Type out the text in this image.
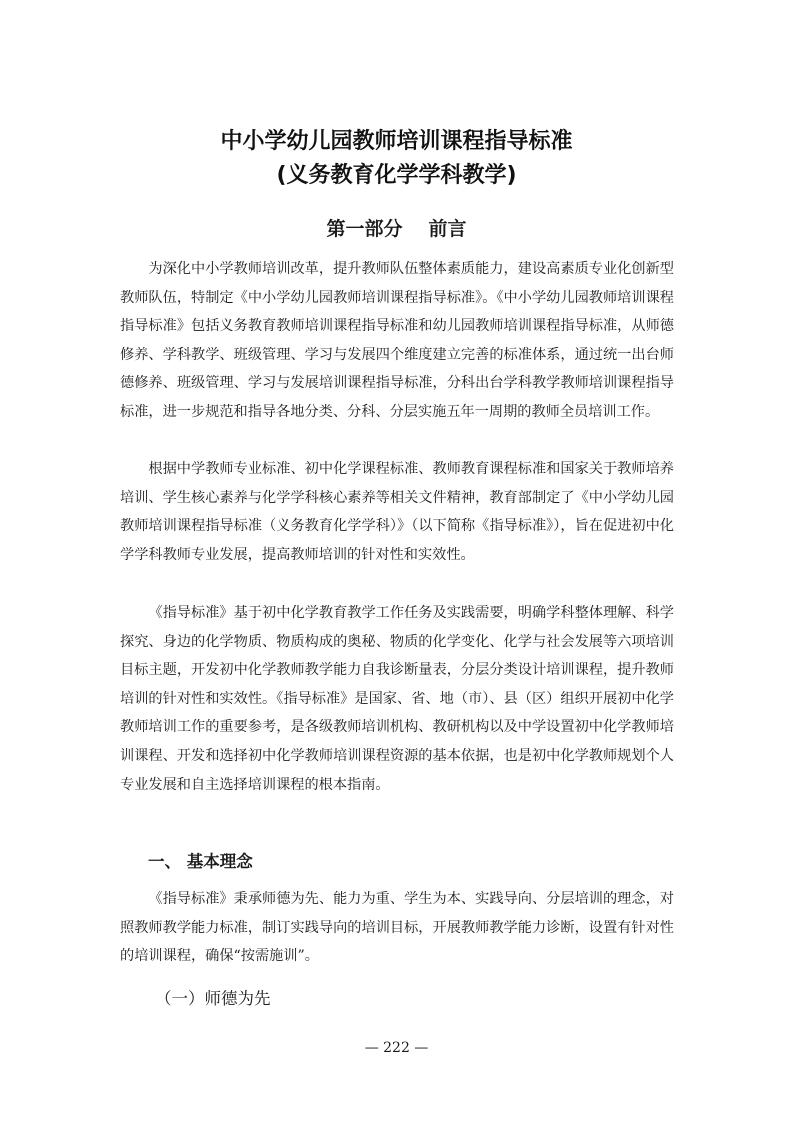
中小学幼儿园教师培训课程指导标准
(义务教育化学学科教学)
第一部分 前言

为深化中小学教师培训改革，提升教师队伍整体素质能力，建设高素质专业化创新型教师队伍，特制定《中小学幼儿园教师培训课程指导标准》。《中小学幼儿园教师培训课程指导标准》包括义务教育教师培训课程指导标准和幼儿园教师培训课程指导标准，从师德修养、学科教学、班级管理、学习与发展四个维度建立完善的标准体系，通过统一出台师德修养、班级管理、学习与发展培训课程指导标准，分科出台学科教学教师培训课程指导标准，进一步规范和指导各地分类、分科、分层实施五年一周期的教师全员培训工作。

根据中学教师专业标准、初中化学课程标准、教师教育课程标准和国家关于教师培养培训、学生核心素养与化学学科核心素养等相关文件精神，教育部制定了《中小学幼儿园教师培训课程指导标准（义务教育化学学科）》（以下简称《指导标准》），旨在促进初中化学学科教师专业发展，提高教师培训的针对性和实效性。

《指导标准》基于初中化学教育教学工作任务及实践需要，明确学科整体理解、科学探究、身边的化学物质、物质构成的奥秘、物质的化学变化、化学与社会发展等六项培训目标主题，开发初中化学教师教学能力自我诊断量表，分层分类设计培训课程，提升教师培训的针对性和实效性。《指导标准》是国家、省、地（市）、县（区）组织开展初中化学教师培训工作的重要参考，是各级教师培训机构、教研机构以及中学设置初中化学教师培训课程、开发和选择初中化学教师培训课程资源的基本依据，也是初中化学教师规划个人专业发展和自主选择培训课程的根本指南。

一、 基本理念

《指导标准》秉承师德为先、能力为重、学生为本、实践导向、分层培训的理念，对照教师教学能力标准，制订实践导向的培训目标，开展教师教学能力诊断，设置有针对性的培训课程，确保“按需施训”。

（一）师德为先
— 222 —
